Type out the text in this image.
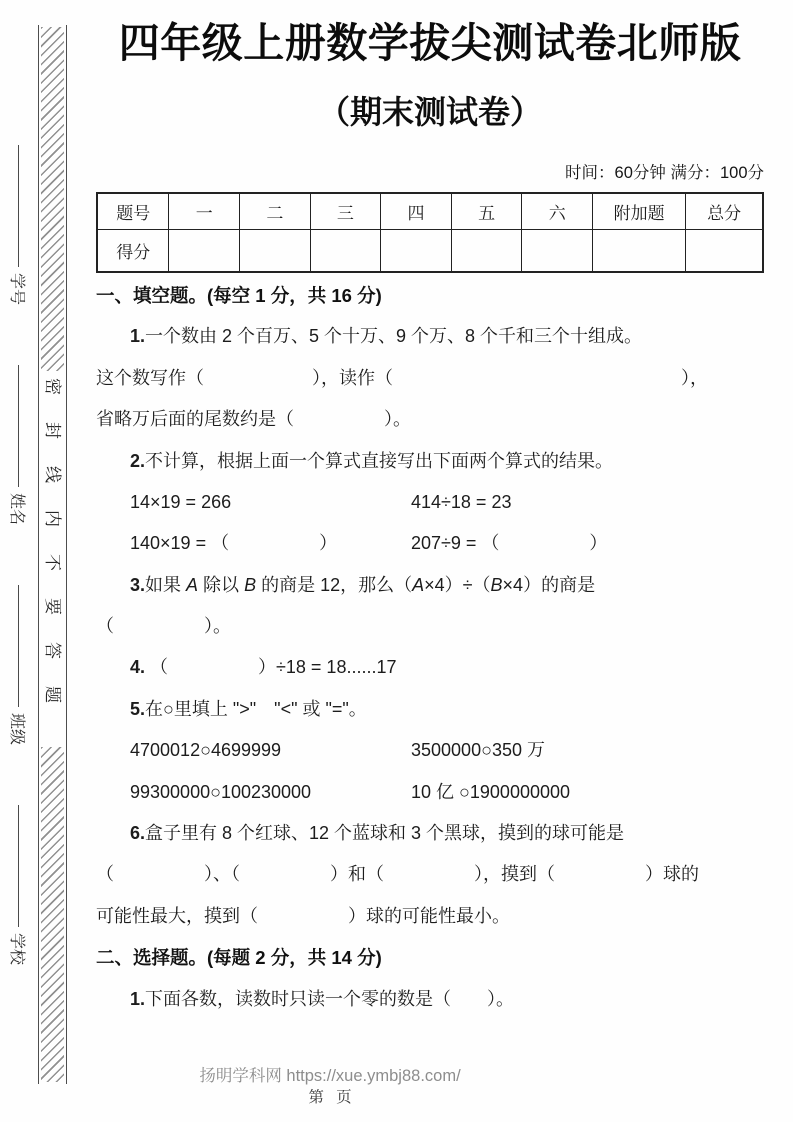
学号
姓名
班级
学校
密封线内不要答题
四年级上册数学拔尖测试卷北师版
（期末测试卷）
时间：60分钟 满分：100分
题号	一	二	三	四	五	六	附加题	总分
得分								
一、填空题。(每空 1 分，共 16 分)
1.一个数由 2 个百万、5 个十万、9 个万、8 个千和三个十组成。
这个数写作（　　　　　　），读作（　　　　　　　　　　　　　　　　），
省略万后面的尾数约是（　　　　　）。
2.不计算，根据上面一个算式直接写出下面两个算式的结果。
14×19 = 266	414÷18 = 23
140×19 = （　　　　　）	207÷9 = （　　　　　）
3.如果 A 除以 B 的商是 12，那么（A×4）÷（B×4）的商是
（　　　　　）。
4. （　　　　　）÷18 = 18......17
5.在○里填上 ">"　"<" 或 "="。
4700012○4699999	3500000○350 万
99300000○100230000	10 亿 ○1900000000
6.盒子里有 8 个红球、12 个蓝球和 3 个黑球，摸到的球可能是
（　　　　　）、（　　　　　）和（　　　　　），摸到（　　　　　）球的
可能性最大，摸到（　　　　　）球的可能性最小。
二、选择题。(每题 2 分，共 14 分)
1.下面各数，读数时只读一个零的数是（　　）。
扬明学科网 https://xue.ymbj88.com/
第 页
